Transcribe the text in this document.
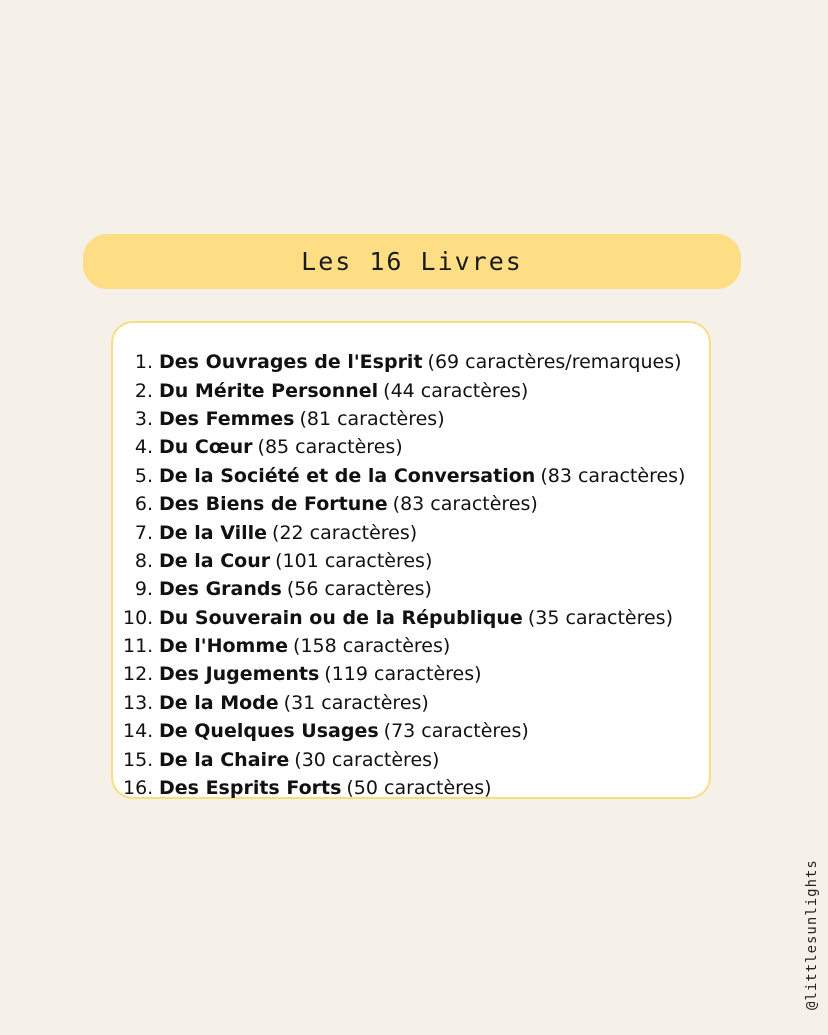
Les 16 Livres
1. Des Ouvrages de l'Esprit (69 caractères/remarques)
2. Du Mérite Personnel (44 caractères)
3. Des Femmes (81 caractères)
4. Du Cœur (85 caractères)
5. De la Société et de la Conversation (83 caractères)
6. Des Biens de Fortune (83 caractères)
7. De la Ville (22 caractères)
8. De la Cour (101 caractères)
9. Des Grands (56 caractères)
10. Du Souverain ou de la République (35 caractères)
11. De l'Homme (158 caractères)
12. Des Jugements (119 caractères)
13. De la Mode (31 caractères)
14. De Quelques Usages (73 caractères)
15. De la Chaire (30 caractères)
16. Des Esprits Forts (50 caractères)
@littlesunlights
